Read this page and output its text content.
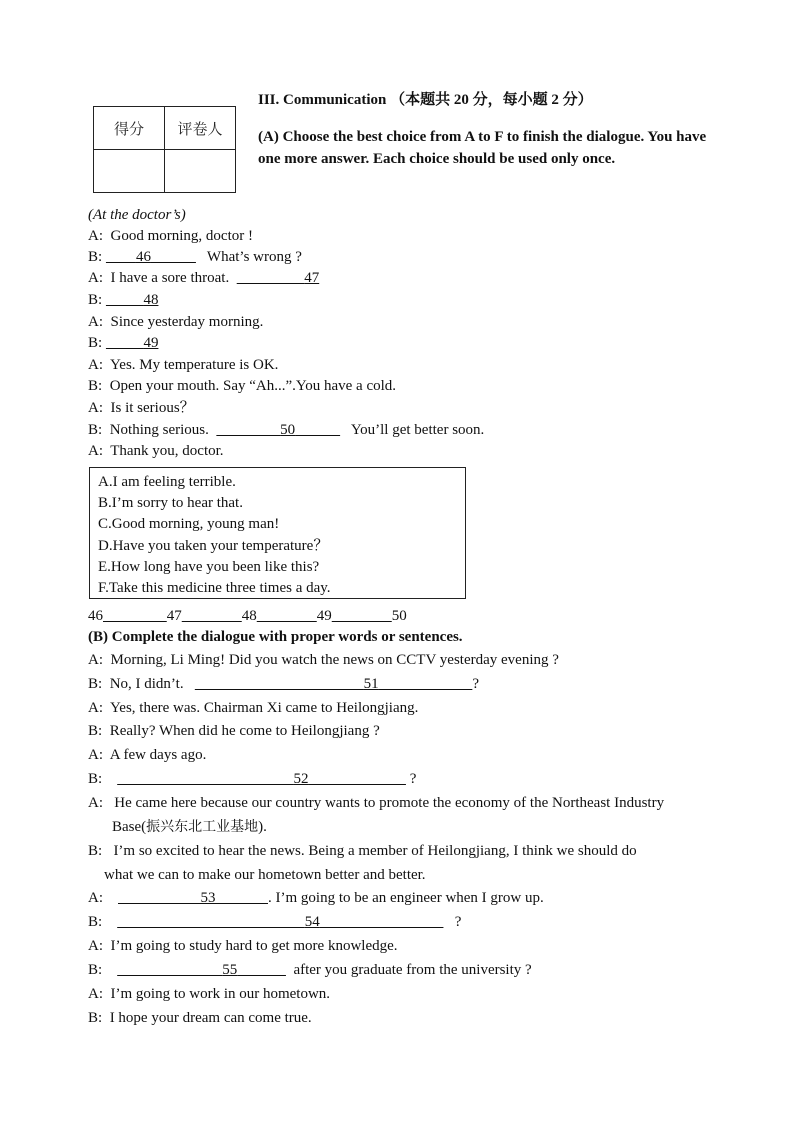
III. Communication （本题共 20 分，每小题 2 分）
得分	评卷人
	(A) Choose the best choice from A to F to finish the dialogue. You have one more answer. Each choice should be used only once.
(At the doctor’s)
A: Good morning, doctor !
B: 46	What’s wrong ?
A: I have a sore throat.	47
B:	48
A: Since yesterday morning.
B:	49
A: Yes. My temperature is OK.
B: Open your mouth. Say “Ah...”.You have a cold.
A: Is it serious？
B: Nothing serious.	50	You’ll get better soon.
A: Thank you, doctor.
A.I am feeling terrible.
B.I’m sorry to hear that.
C.Good morning, young man!
D.Have you taken your temperature？
E.How long have you been like this?
F.Take this medicine three times a day.
46	47	48	49	50
(B) Complete the dialogue with proper words or sentences.
A: Morning, Li Ming! Did you watch the news on CCTV yesterday evening ?
B: No, I didn’t.	51	?
A: Yes, there was. Chairman Xi came to Heilongjiang.
B: Really? When did he come to Heilongjiang ?
A: A few days ago.
B:	52	?
A: He came here because our country wants to promote the economy of the Northeast Industry
Base(振兴东北工业基地).
B: I’m so excited to hear the news. Being a member of Heilongjiang, I think we should do
what we can to make our hometown better and better.
A:	53	. I’m going to be an engineer when I grow up.
B:	54	?
A: I’m going to study hard to get more knowledge.
B:	55	after you graduate from the university ?
A: I’m going to work in our hometown.
B: I hope your dream can come true.
